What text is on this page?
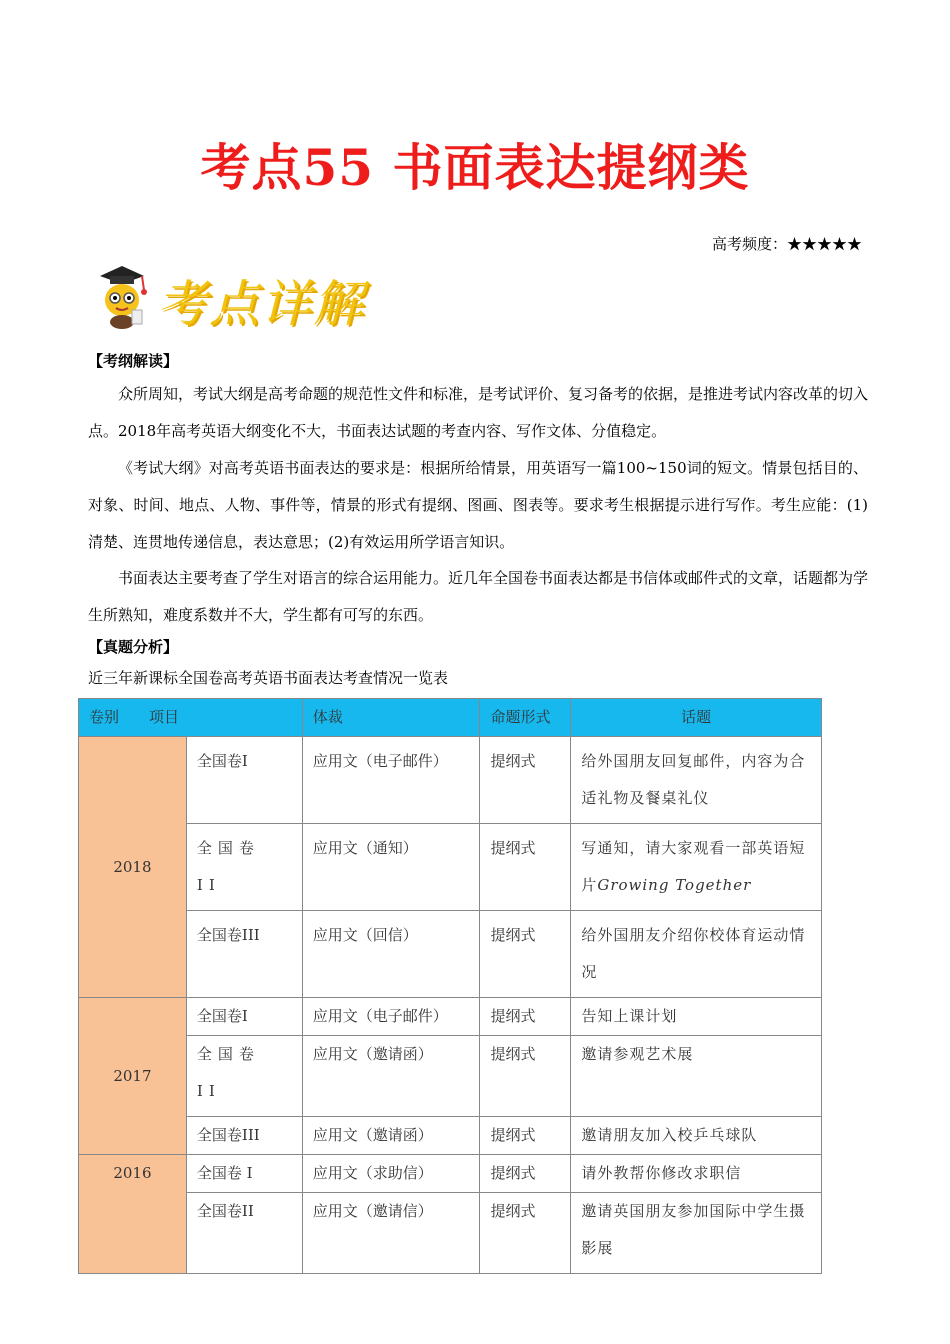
考点55 书面表达提纲类
高考频度：★★★★★
考点详解
【考纲解读】

众所周知，考试大纲是高考命题的规范性文件和标准，是考试评价、复习备考的依据，是推进考试内容改革的切入点。2018年高考英语大纲变化不大，书面表达试题的考查内容、写作文体、分值稳定。

《考试大纲》对高考英语书面表达的要求是：根据所给情景，用英语写一篇100~150词的短文。情景包括目的、对象、时间、地点、人物、事件等，情景的形式有提纲、图画、图表等。要求考生根据提示进行写作。考生应能：(1)清楚、连贯地传递信息，表达意思；(2)有效运用所学语言知识。

书面表达主要考查了学生对语言的综合运用能力。近几年全国卷书面表达都是书信体或邮件式的文章，话题都为学生所熟知，难度系数并不大，学生都有可写的东西。

【真题分析】
近三年新课标全国卷高考英语书面表达考查情况一览表
卷别　　项目		体裁	命题形式	话题
2018	全国卷I	应用文（电子邮件）	提纲式	给外国朋友回复邮件，内容为合适礼物及餐桌礼仪
	全国卷 II	应用文（通知）	提纲式	写通知，请大家观看一部英语短片Growing Together
	全国卷III	应用文（回信）	提纲式	给外国朋友介绍你校体育运动情况
2017	全国卷I	应用文（电子邮件）	提纲式	告知上课计划
	全国卷 II	应用文（邀请函）	提纲式	邀请参观艺术展
	全国卷III	应用文（邀请函）	提纲式	邀请朋友加入校乒乓球队
2016	全国卷 I	应用文（求助信）	提纲式	请外教帮你修改求职信
	全国卷II	应用文（邀请信）	提纲式	邀请英国朋友参加国际中学生摄影展
